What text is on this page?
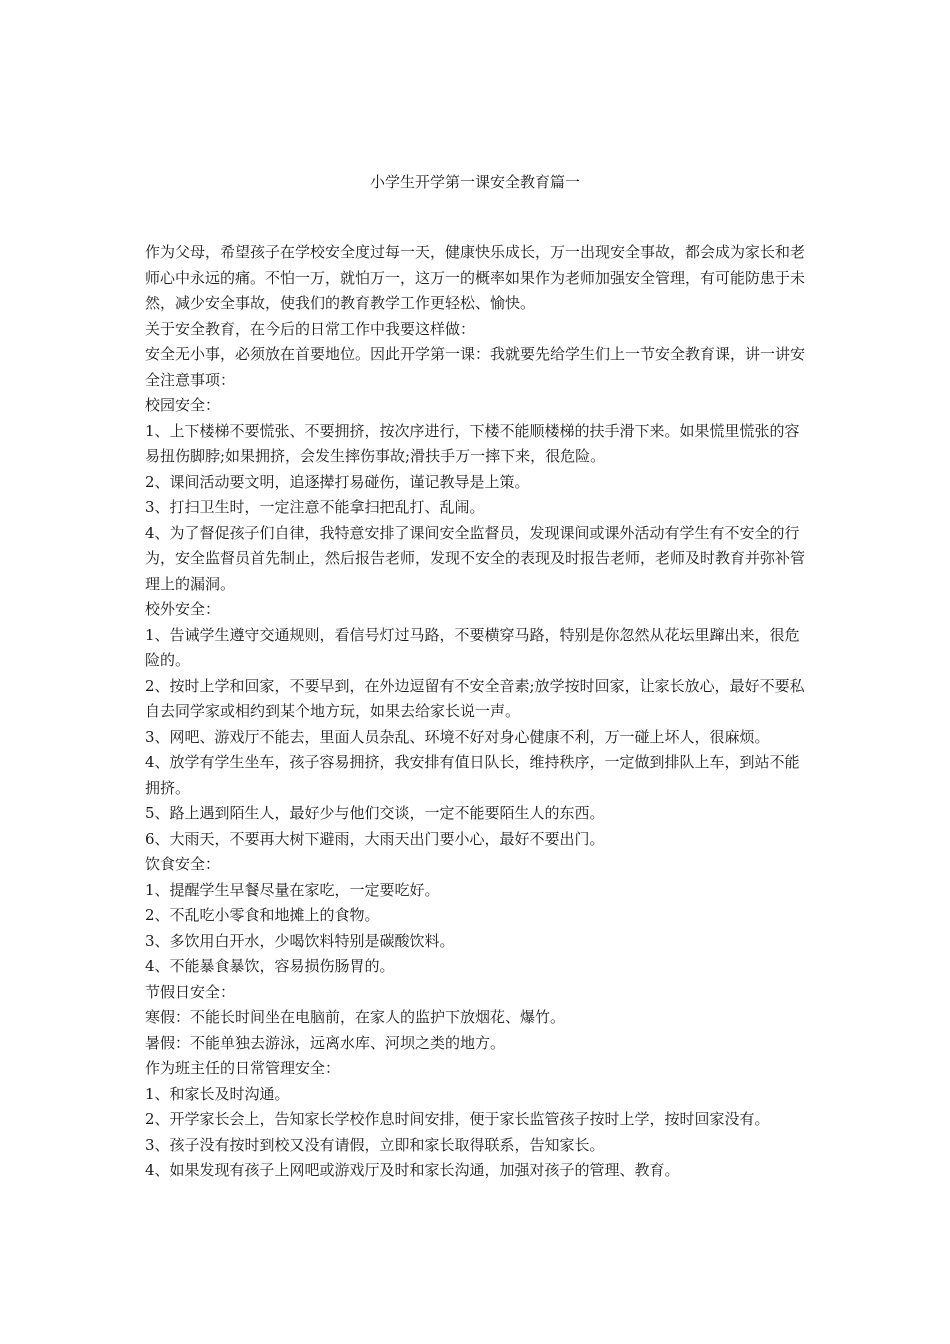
小学生开学第一课安全教育篇一

作为父母，希望孩子在学校安全度过每一天，健康快乐成长，万一出现安全事故，都会成为家长和老师心中永远的痛。不怕一万，就怕万一，这万一的概率如果作为老师加强安全管理，有可能防患于未然，减少安全事故，使我们的教育教学工作更轻松、愉快。

关于安全教育，在今后的日常工作中我要这样做：

安全无小事，必须放在首要地位。因此开学第一课：我就要先给学生们上一节安全教育课，讲一讲安全注意事项：

校园安全：

1、上下楼梯不要慌张、不要拥挤，按次序进行，下楼不能顺楼梯的扶手滑下来。如果慌里慌张的容易扭伤脚脖;如果拥挤，会发生摔伤事故;滑扶手万一摔下来，很危险。

2、课间活动要文明，追逐撵打易碰伤，谨记教导是上策。

3、打扫卫生时，一定注意不能拿扫把乱打、乱闹。

4、为了督促孩子们自律，我特意安排了课间安全监督员，发现课间或课外活动有学生有不安全的行为，安全监督员首先制止，然后报告老师，发现不安全的表现及时报告老师，老师及时教育并弥补管理上的漏洞。

校外安全：

1、告诫学生遵守交通规则，看信号灯过马路，不要横穿马路，特别是你忽然从花坛里蹿出来，很危险的。

2、按时上学和回家，不要早到，在外边逗留有不安全音素;放学按时回家，让家长放心，最好不要私自去同学家或相约到某个地方玩，如果去给家长说一声。

3、网吧、游戏厅不能去，里面人员杂乱、环境不好对身心健康不利，万一碰上坏人，很麻烦。

4、放学有学生坐车，孩子容易拥挤，我安排有值日队长，维持秩序，一定做到排队上车，到站不能拥挤。

5、路上遇到陌生人，最好少与他们交谈，一定不能要陌生人的东西。

6、大雨天，不要再大树下避雨，大雨天出门要小心，最好不要出门。

饮食安全：

1、提醒学生早餐尽量在家吃，一定要吃好。

2、不乱吃小零食和地摊上的食物。

3、多饮用白开水，少喝饮料特别是碳酸饮料。

4、不能暴食暴饮，容易损伤肠胃的。

节假日安全：

寒假：不能长时间坐在电脑前，在家人的监护下放烟花、爆竹。

暑假：不能单独去游泳，远离水库、河坝之类的地方。

作为班主任的日常管理安全：

1、和家长及时沟通。

2、开学家长会上，告知家长学校作息时间安排，便于家长监管孩子按时上学，按时回家没有。

3、孩子没有按时到校又没有请假，立即和家长取得联系，告知家长。

4、如果发现有孩子上网吧或游戏厅及时和家长沟通，加强对孩子的管理、教育。
